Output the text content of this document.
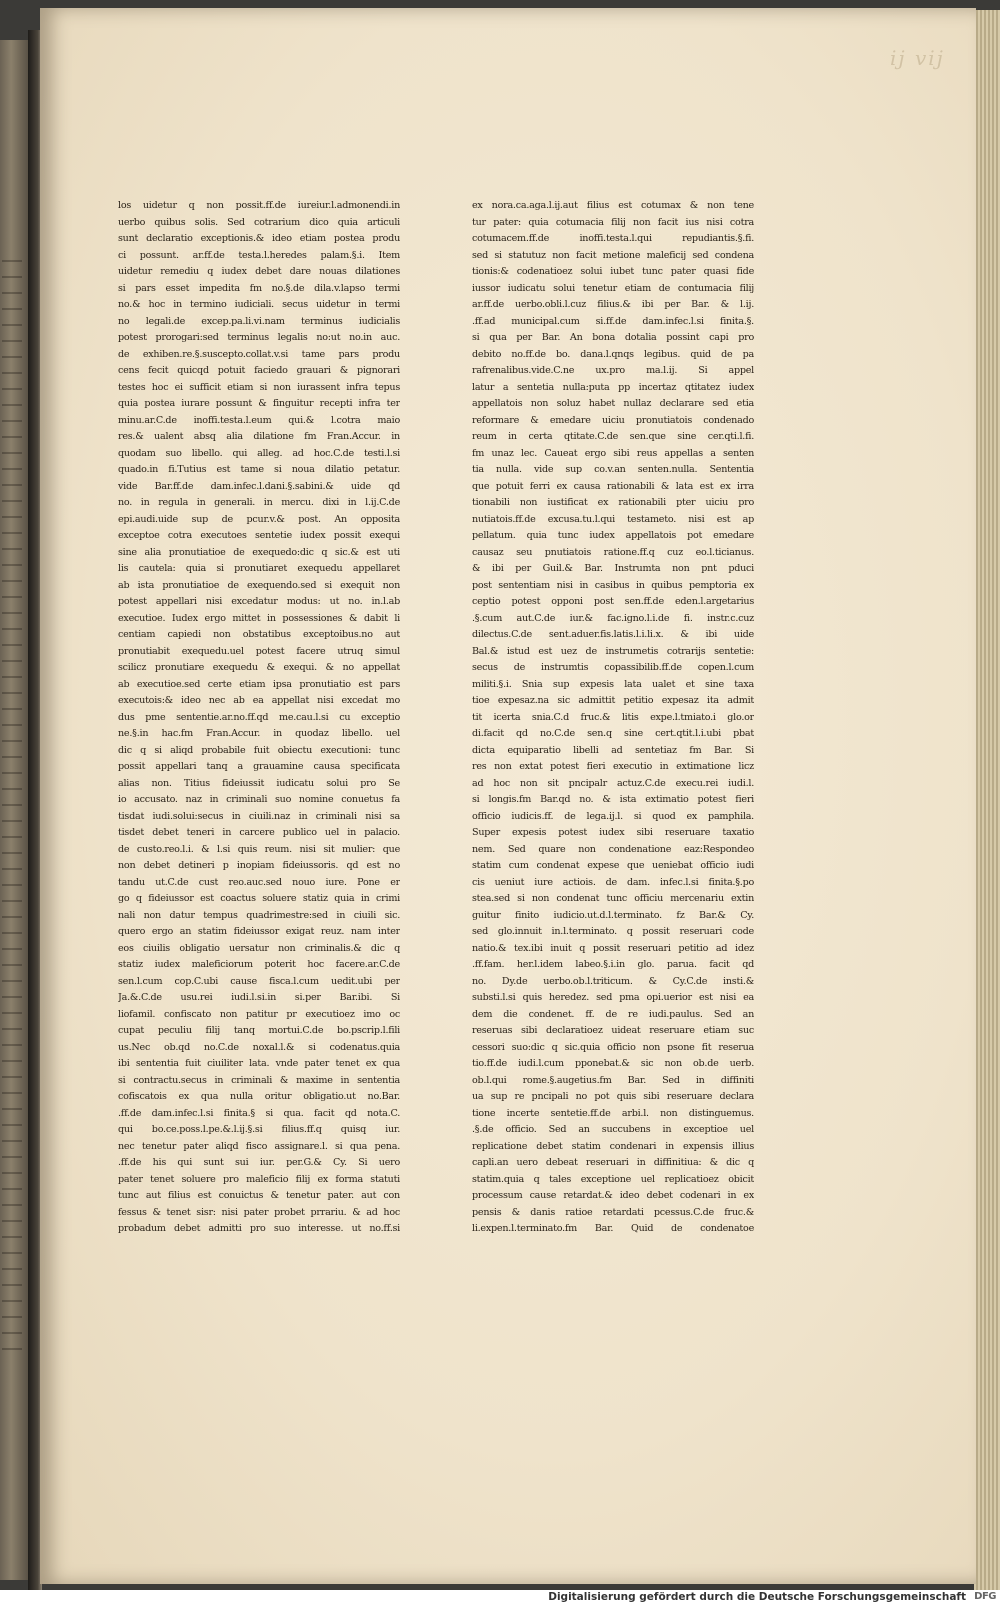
ij vij
los uidetur q non possit.ff.de iureiur.l.admonendi.in
uerbo quibus solis. Sed cotrarium dico quia articuli
sunt declaratio exceptionis.& ideo etiam postea produ
ci possunt. ar.ff.de testa.l.heredes palam.§.i. Item
uidetur remediu q iudex debet dare nouas dilationes
si pars esset impedita fm no.§.de dila.v.lapso termi
no.& hoc in termino iudiciali. secus uidetur in termi
no legali.de excep.pa.li.vi.nam terminus iudicialis
potest prorogari:sed terminus legalis no:ut no.in auc.
de exhiben.re.§.suscepto.collat.v.si tame pars produ
cens fecit quicqd potuit faciedo grauari & pignorari
testes hoc ei sufficit etiam si non iurassent infra tepus
quia postea iurare possunt & finguitur recepti infra ter
minu.ar.C.de inoffi.testa.l.eum qui.& l.cotra maio
res.& ualent absq alia dilatione fm Fran.Accur. in
quodam suo libello. qui alleg. ad hoc.C.de testi.l.si
quado.in fi.Tutius est tame si noua dilatio petatur.
vide Bar.ff.de dam.infec.l.dani.§.sabini.& uide qd
no. in regula in generali. in mercu. dixi in l.ij.C.de
epi.audi.uide sup de pcur.v.& post. An opposita
exceptoe cotra executoes sentetie iudex possit exequi
sine alia pronutiatioe de exequedo:dic q sic.& est uti
lis cautela: quia si pronutiaret exequedu appellaret
ab ista pronutiatioe de exequendo.sed si exequit non
potest appellari nisi excedatur modus: ut no. in.l.ab
executioe. Iudex ergo mittet in possessiones & dabit li
centiam capiedi non obstatibus exceptoibus.no aut
pronutiabit exequedu.uel potest facere utruq simul
scilicz pronutiare exequedu & exequi. & no appellat
ab executioe.sed certe etiam ipsa pronutiatio est pars
executois:& ideo nec ab ea appellat nisi excedat mo
dus pme sententie.ar.no.ff.qd me.cau.l.si cu exceptio
ne.§.in hac.fm Fran.Accur. in quodaz libello. uel
dic q si aliqd probabile fuit obiectu executioni: tunc
possit appellari tanq a grauamine causa specificata
alias non. Titius fideiussit iudicatu solui pro Se
io accusato. naz in criminali suo nomine conuetus fa
tisdat iudi.solui:secus in ciuili.naz in criminali nisi sa
tisdet debet teneri in carcere publico uel in palacio.
de custo.reo.l.i. & l.si quis reum. nisi sit mulier: que
non debet detineri p inopiam fideiussoris. qd est no
tandu ut.C.de cust reo.auc.sed nouo iure. Pone er
go q fideiussor est coactus soluere statiz quia in crimi
nali non datur tempus quadrimestre:sed in ciuili sic.
quero ergo an statim fideiussor exigat reuz. nam inter
eos ciuilis obligatio uersatur non criminalis.& dic q
statiz iudex maleficiorum poterit hoc facere.ar.C.de
sen.l.cum cop.C.ubi cause fisca.l.cum uedit.ubi per
Ja.&.C.de usu.rei iudi.l.si.in si.per Bar.ibi. Si
liofamil. confiscato non patitur pr executioez imo oc
cupat peculiu filij tanq mortui.C.de bo.pscrip.l.fili
us.Nec ob.qd no.C.de noxal.l.& si codenatus.quia
ibi sententia fuit ciuiliter lata. vnde pater tenet ex qua
si contractu.secus in criminali & maxime in sententia
cofiscatois ex qua nulla oritur obligatio.ut no.Bar.
.ff.de dam.infec.l.si finita.§ si qua. facit qd nota.C.
qui bo.ce.poss.l.pe.&.l.ij.§.si filius.ff.q quisq iur.
nec tenetur pater aliqd fisco assignare.l. si qua pena.
.ff.de his qui sunt sui iur. per.G.& Cy. Si uero
pater tenet soluere pro maleficio filij ex forma statuti
tunc aut filius est conuictus & tenetur pater. aut con
fessus & tenet sisr: nisi pater probet prrariu. & ad hoc
probadum debet admitti pro suo interesse. ut no.ff.si
ex nora.ca.aga.l.ij.aut filius est cotumax & non tene
tur pater: quia cotumacia filij non facit ius nisi cotra
cotumacem.ff.de inoffi.testa.l.qui repudiantis.§.fi.
sed si statutuz non facit metione maleficij sed condena
tionis:& codenatioez solui iubet tunc pater quasi fide
iussor iudicatu solui tenetur etiam de contumacia filij
ar.ff.de uerbo.obli.l.cuz filius.& ibi per Bar. & l.ij.
.ff.ad municipal.cum si.ff.de dam.infec.l.si finita.§.
si qua per Bar. An bona dotalia possint capi pro
debito no.ff.de bo. dana.l.qnqs legibus. quid de pa
rafrenalibus.vide.C.ne ux.pro ma.l.ij. Si appel
latur a sentetia nulla:puta pp incertaz qtitatez iudex
appellatois non soluz habet nullaz declarare sed etia
reformare & emedare uiciu pronutiatois condenado
reum in certa qtitate.C.de sen.que sine cer.qti.l.fi.
fm unaz lec. Caueat ergo sibi reus appellas a senten
tia nulla. vide sup co.v.an senten.nulla. Sententia
que potuit ferri ex causa rationabili & lata est ex irra
tionabili non iustificat ex rationabili pter uiciu pro
nutiatois.ff.de excusa.tu.l.qui testameto. nisi est ap
pellatum. quia tunc iudex appellatois pot emedare
causaz seu pnutiatois ratione.ff.q cuz eo.l.ticianus.
& ibi per Guil.& Bar. Instrumta non pnt pduci
post sententiam nisi in casibus in quibus pemptoria ex
ceptio potest opponi post sen.ff.de eden.l.argetarius
.§.cum aut.C.de iur.& fac.igno.l.i.de fi. instr.c.cuz
dilectus.C.de sent.aduer.fis.latis.l.i.li.x. & ibi uide
Bal.& istud est uez de instrumetis cotrarijs sentetie:
secus de instrumtis copassibilib.ff.de copen.l.cum
militi.§.i. Snia sup expesis lata ualet et sine taxa
tioe expesaz.na sic admittit petitio expesaz ita admit
tit icerta snia.C.d fruc.& litis expe.l.tmiato.i glo.or
di.facit qd no.C.de sen.q sine cert.qtit.l.i.ubi pbat
dicta equiparatio libelli ad sentetiaz fm Bar. Si
res non extat potest fieri executio in extimatione licz
ad hoc non sit pncipalr actuz.C.de execu.rei iudi.l.
si longis.fm Bar.qd no. & ista extimatio potest fieri
officio iudicis.ff. de lega.ij.l. si quod ex pamphila.
Super expesis potest iudex sibi reseruare taxatio
nem. Sed quare non condenatione eaz:Respondeo
statim cum condenat expese que ueniebat officio iudi
cis ueniut iure actiois. de dam. infec.l.si finita.§.po
stea.sed si non condenat tunc officiu mercenariu extin
guitur finito iudicio.ut.d.l.terminato. fz Bar.& Cy.
sed glo.innuit in.l.terminato. q possit reseruari code
natio.& tex.ibi inuit q possit reseruari petitio ad idez
.ff.fam. her.l.idem labeo.§.i.in glo. parua. facit qd
no. Dy.de uerbo.ob.l.triticum. & Cy.C.de insti.&
substi.l.si quis heredez. sed pma opi.uerior est nisi ea
dem die condenet. ff. de re iudi.paulus. Sed an
reseruas sibi declaratioez uideat reseruare etiam suc
cessori suo:dic q sic.quia officio non psone fit reserua
tio.ff.de iudi.l.cum pponebat.& sic non ob.de uerb.
ob.l.qui rome.§.augetius.fm Bar. Sed in diffiniti
ua sup re pncipali no pot quis sibi reseruare declara
tione incerte sentetie.ff.de arbi.l. non distinguemus.
.§.de officio. Sed an succubens in exceptioe uel
replicatione debet statim condenari in expensis illius
capli.an uero debeat reseruari in diffinitiua: & dic q
statim.quia q tales exceptione uel replicatioez obicit
processum cause retardat.& ideo debet codenari in ex
pensis & danis ratioe retardati pcessus.C.de fruc.&
li.expen.l.terminato.fm Bar. Quid de condenatoe
Digitalisierung gefördert durch die Deutsche Forschungsgemeinschaft DFG
